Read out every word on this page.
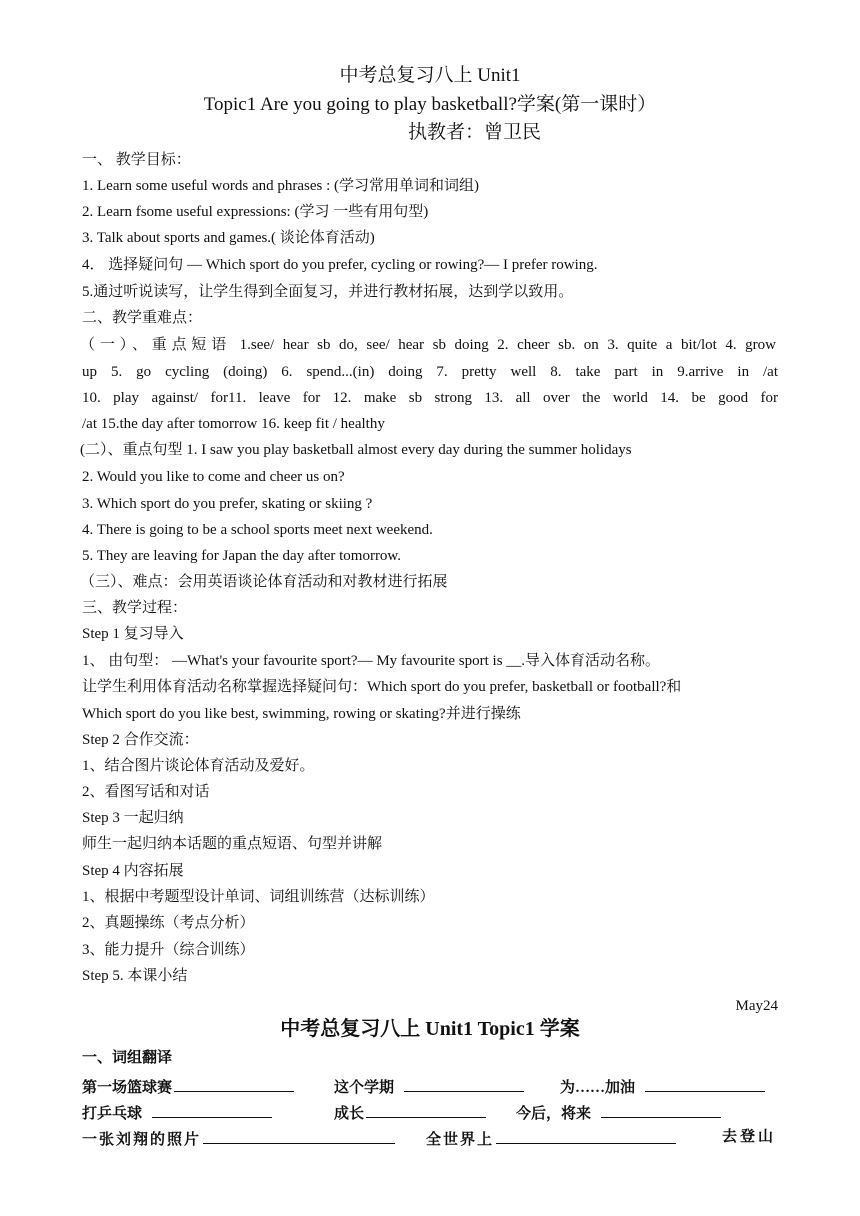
中考总复习八上 Unit1
Topic1 Are you going to play basketball?学案(第一课时）
执教者：曾卫民
一、 教学目标：
1. Learn some useful words and phrases : (学习常用单词和词组)
2. Learn fsome useful expressions: (学习 一些有用句型)
3. Talk about sports and games.( 谈论体育活动)
4． 选择疑问句 — Which sport do you prefer, cycling or rowing?— I prefer rowing.
5.通过听说读写，让学生得到全面复习，并进行教材拓展，达到学以致用。
二、教学重难点：
（一）、重点短语 1.see/ hear sb do, see/ hear sb doing 2. cheer sb. on 3. quite a bit/lot 4. grow
up 5. go cycling (doing) 6. spend...(in) doing 7. pretty well 8. take part in 9.arrive in /at
10. play against/ for11. leave for 12. make sb strong 13. all over the world 14. be good for
/at 15.the day after tomorrow 16. keep fit / healthy
(二）、重点句型 1. I saw you play basketball almost every day during the summer holidays
2. Would you like to come and cheer us on?
3. Which sport do you prefer, skating or skiing ?
4. There is going to be a school sports meet next weekend.
5. They are leaving for Japan the day after tomorrow.
（三）、难点：会用英语谈论体育活动和对教材进行拓展
三、教学过程：
Step 1 复习导入
1、 由句型： —What's your favourite sport?— My favourite sport is __.导入体育活动名称。
让学生利用体育活动名称掌握选择疑问句：Which sport do you prefer, basketball or football?和
Which sport do you like best, swimming, rowing or skating?并进行操练
Step 2 合作交流：
1、结合图片谈论体育活动及爱好。
2、看图写话和对话
Step 3 一起归纳
师生一起归纳本话题的重点短语、句型并讲解
Step 4 内容拓展
1、根据中考题型设计单词、词组训练营（达标训练）
2、真题操练（考点分析）
3、能力提升（综合训练）
Step 5. 本课小结
May24
中考总复习八上 Unit1 Topic1 学案
一、词组翻译
第一场篮球赛	这个学期	为……加油
打乒乓球	成长	今后，将来
一张刘翔的照片	全世界上	去登山
